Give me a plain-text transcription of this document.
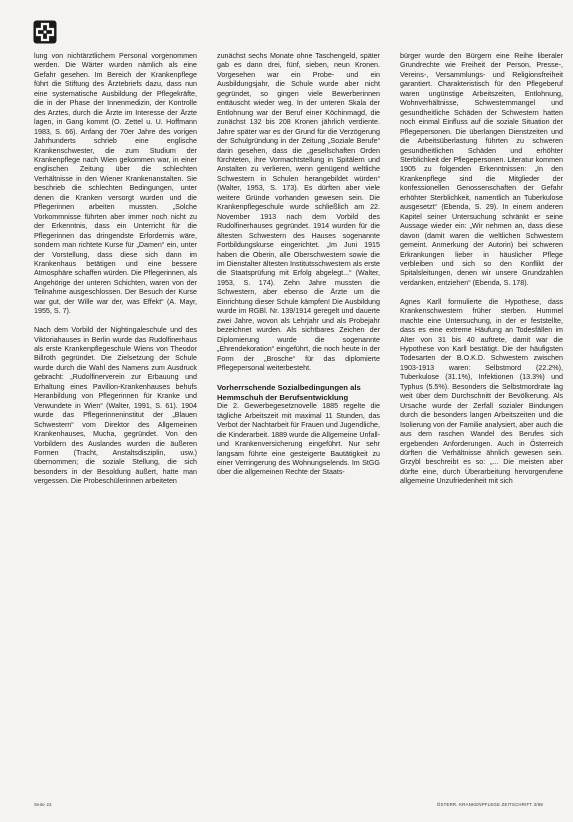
lung von nichtärztlichem Personal vorgenommen werden. Die Wärter wurden nämlich als eine Gefahr gesehen. Im Bereich der Krankenpflege führt die Stiftung des Ärztebriefs dazu, dass nun eine systematische Ausbildung der Pflegekräfte, die in der Phase der Innenmedizin, der Kontrolle des Arztes, durch die Ärzte im Interesse der Ärzte lagen, in Gang kommt (O. Zettel u. U. Hoffmann 1983, S. 66). Anfang der 70er Jahre des vorigen Jahrhunderts schrieb eine englische Krankenschwester, die zum Studium der Krankenpflege nach Wien gekommen war, in einer englischen Zeitung über die schlechten Verhältnisse in den Wiener Krankenanstalten. Sie beschrieb die schlechten Bedingungen, unter denen die Kranken versorgt wurden und die Pflegerinnen arbeiten mussten. „Solche Vorkommnisse führten aber immer noch nicht zu der Erkenntnis, dass ein Unterricht für die Pflegerinnen das dringendste Erfordernis wäre, sondern man richtete Kurse für „Damen“ ein, unter der Vorstellung, dass diese sich dann im Krankenhaus betätigen und eine bessere Atmosphäre schaffen würden. Die Pflegerinnen, als Angehörige der unteren Schichten, waren von der Teilnahme ausgeschlossen. Der Besuch der Kurse war gut, der Wille war der, was Effekt“ (A. Mayr, 1955, S. 7).

Nach dem Vorbild der Nightingaleschule und des Viktoriahauses in Berlin wurde das Rudolfinerhaus als erste Krankenpflegeschule Wiens von Theodor Billroth gegründet. Die Zielsetzung der Schule wurde durch die Wahl des Namens zum Ausdruck gebracht: „Rudolfinerverein zur Erbauung und Erhaltung eines Pavillon-Krankenhauses behufs Heranbildung von Pflegerinnen für Kranke und Verwundete in Wien“ (Walter, 1991, S. 61). 1904 wurde das Pflegerinneninstitut der „Blauen Schwestern“ vom Direktor des Allgemeinen Krankenhauses, Mucha, gegründet. Von den Vorbildern des Auslandes wurden die äußeren Formen (Tracht, Anstaltsdisziplin, usw.) übernommen; die soziale Stellung, die sich besonders in der Besoldung äußert, hatte man vergessen. Die Probeschülerinnen arbeiteten

zunächst sechs Monate ohne Taschengeld, später gab es dann drei, fünf, sieben, neun Kronen. Vorgesehen war ein Probe- und ein Ausbildungsjahr, die Schule wurde aber nicht gegründet, so gingen viele Bewerberinnen enttäuscht wieder weg. In der unteren Skala der Entlohnung war der Beruf einer Köchinmagd, die zunächst 132 bis 208 Kronen jährlich verdiente. Jahre später war es der Grund für die Verzögerung der Schulgründung in der Zeitung „Soziale Berufe“ darin gesehen, dass die „gesellschaften Orden fürchteten, ihre Vormachtstellung in Spitälern und Anstalten zu verlieren, wenn genügend weltliche Schwestern in Schulen herangebildet würden“ (Walter, 1953, S. 173). Es dürften aber viele weitere Gründe vorhanden gewesen sein. Die Krankenpflegeschule wurde schließlich am 22. November 1913 nach dem Vorbild des Rudolfinerhauses gegründet. 1914 wurden für die ältesten Schwestern des Hauses sogenannte Fortbildungskurse eingerichtet. „Im Juni 1915 haben die Oberin, alle Oberschwestern sowie die im Dienstalter ältesten Institutsschwestern als erste die Staatsprüfung mit Erfolg abgelegt...“ (Walter, 1953, S. 174). Zehn Jahre mussten die Schwestern, aber ebenso die Ärzte um die Einrichtung dieser Schule kämpfen! Die Ausbildung wurde im RGBl. Nr. 139/1914 geregelt und dauerte zwei Jahre, wovon als Lehrjahr und als Probejahr bezeichnet wurden. Als sichtbares Zeichen der Diplomierung wurde die sogenannte „Ehrendekoration“ eingeführt, die noch heute in der Form der „Brosche“ für das diplomierte Pflegepersonal weiterbesteht.

Vorherrschende Sozialbedingungen als Hemmschuh der Berufsentwicklung

Die 2. Gewerbegesetznovelle 1885 regelte die tägliche Arbeitszeit mit maximal 11 Stunden, das Verbot der Nachtarbeit für Frauen und Jugendliche, die Kinderarbeit. 1889 wurde die Allgemeine Unfall- und Krankenversicherung eingeführt. Nur sehr langsam führte eine gesteigerte Bautätigkeit zu einer Verringerung des Wohnungselends. Im StGG über die allgemeinen Rechte der Staats-

bürger wurde den Bürgern eine Reihe liberaler Grundrechte wie Freiheit der Person, Presse-, Vereins-, Versammlungs- und Religionsfreiheit garantiert. Charakteristisch für den Pflegeberuf waren ungünstige Arbeitszeiten, Entlohnung, Wohnverhältnisse, Schwesternmangel und gesundheitliche Schäden der Schwestern hatten noch einmal Einfluss auf die soziale Situation der Pflegepersonen. Die überlangen Dienstzeiten und die Arbeitsüberlastung führten zu schweren gesundheitlichen Schäden und erhöhter Sterblichkeit der Pflegepersonen. Literatur kommen 1905 zu folgenden Erkenntnissen: „In den Krankenpflege sind die Mitglieder der konfessionellen Genossenschaften der Gefahr erhöhter Sterblichkeit, namentlich an Tuberkulose ausgesetzt“ (Ebenda, S. 29). In einem anderen Kapitel seiner Untersuchung schränkt er seine Aussage wieder ein: „Wir nehmen an, dass diese davon (damit waren die weltlichen Schwestern gemeint. Anmerkung der Autorin) bei schweren Erkrankungen lieber in häuslicher Pflege verbleiben und sich so den Konflikt der Spitalsleitungen, denen wir unsere Grundzahlen verdanken, entziehen“ (Ebenda, S. 178).

Agnes Karll formulierte die Hypothese, dass Krankenschwestern früher sterben. Hummel machte eine Untersuchung, in der er feststellte, dass es eine extreme Häufung an Todesfällen im Alter von 31 bis 40 auftrete, damit war die Hypothese von Karll bestätigt. Die der häufigsten Todesarten der B.O.K.D. Schwestern zwischen 1903-1913 waren: Selbstmord (22.2%), Tuberkulose (31.1%), Infektionen (13.3%) und Typhus (5.5%). Besonders die Selbstmordrate lag weit über dem Durchschnitt der Bevölkerung. Als Ursache wurde der Zerfall sozialer Bindungen durch die besonders langen Arbeitszeiten und die Isolierung von der Familie analysiert, aber auch die aus dem raschen Wandel des Berufes sich ergebenden Anforderungen. Auch in Österreich dürften die Verhältnisse ähnlich gewesen sein. Grzybl beschreibt es so: „... Die meisten aber dürfte eine, durch Überarbeitung hervorgerufene allgemeine Unzufriedenheit mit sich

Seite 22	ÖSTERR. KRANKENPFLEGE ZEITSCHRIFT 3/98
